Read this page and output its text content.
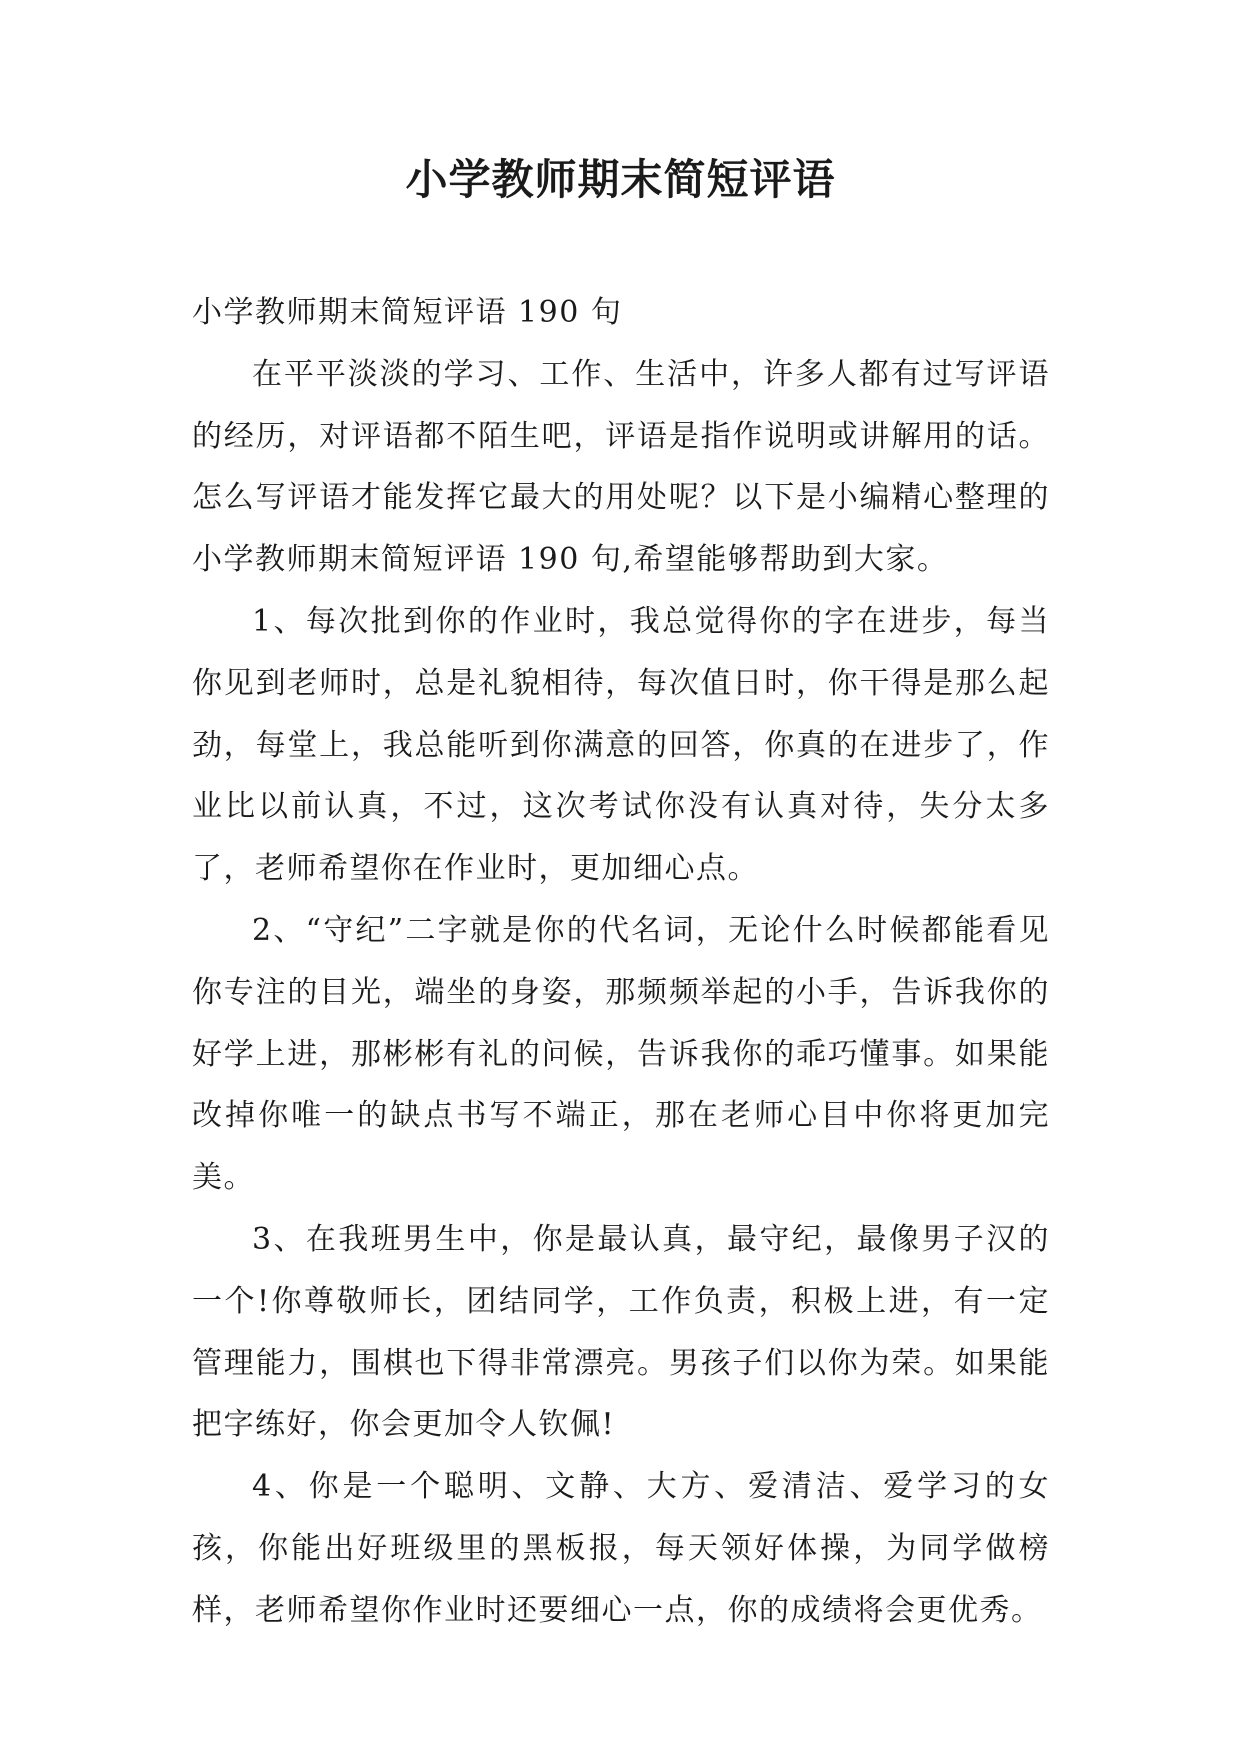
小学教师期末简短评语

小学教师期末简短评语 190 句

在平平淡淡的学习、工作、生活中，许多人都有过写评语的经历，对评语都不陌生吧，评语是指作说明或讲解用的话。怎么写评语才能发挥它最大的用处呢？以下是小编精心整理的小学教师期末简短评语 190 句,希望能够帮助到大家。

1、每次批到你的作业时，我总觉得你的字在进步，每当你见到老师时，总是礼貌相待，每次值日时，你干得是那么起劲，每堂上，我总能听到你满意的回答，你真的在进步了，作业比以前认真，不过，这次考试你没有认真对待，失分太多了，老师希望你在作业时，更加细心点。

2、“守纪”二字就是你的代名词，无论什么时候都能看见你专注的目光，端坐的身姿，那频频举起的小手，告诉我你的好学上进，那彬彬有礼的问候，告诉我你的乖巧懂事。如果能改掉你唯一的缺点书写不端正，那在老师心目中你将更加完美。

3、在我班男生中，你是最认真，最守纪，最像男子汉的一个!你尊敬师长，团结同学，工作负责，积极上进，有一定管理能力，围棋也下得非常漂亮。男孩子们以你为荣。如果能把字练好，你会更加令人钦佩!

4、你是一个聪明、文静、大方、爱清洁、爱学习的女孩，你能出好班级里的黑板报，每天领好体操，为同学做榜样，老师希望你作业时还要细心一点，你的成绩将会更优秀。
